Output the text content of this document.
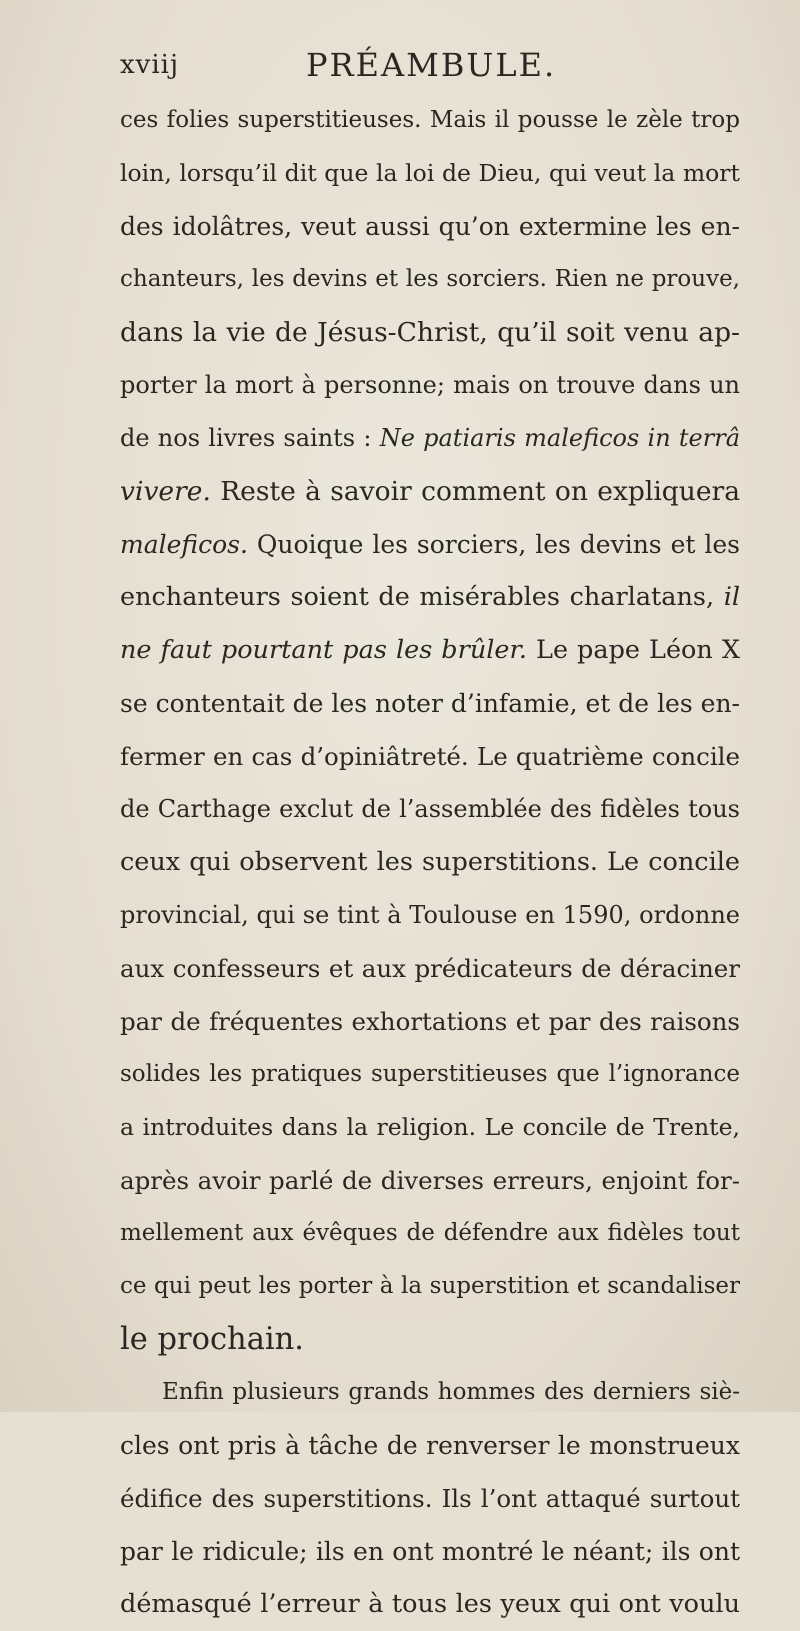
xviij	PRÉAMBULE.
ces folies superstitieuses. Mais il pousse le zèle trop
loin, lorsqu’il dit que la loi de Dieu, qui veut la mort
des idolâtres, veut aussi qu’on extermine les en-
chanteurs, les devins et les sorciers. Rien ne prouve,
dans la vie de Jésus-Christ, qu’il soit venu ap-
porter la mort à personne; mais on trouve dans un
de nos livres saints : Ne patiaris maleficos in terrâ
vivere. Reste à savoir comment on expliquera
maleficos. Quoique les sorciers, les devins et les
enchanteurs soient de misérables charlatans, il
ne faut pourtant pas les brûler. Le pape Léon X
se contentait de les noter d’infamie, et de les en-
fermer en cas d’opiniâtreté. Le quatrième concile
de Carthage exclut de l’assemblée des fidèles tous
ceux qui observent les superstitions. Le concile
provincial, qui se tint à Toulouse en 1590, ordonne
aux confesseurs et aux prédicateurs de déraciner
par de fréquentes exhortations et par des raisons
solides les pratiques superstitieuses que l’ignorance
a introduites dans la religion. Le concile de Trente,
après avoir parlé de diverses erreurs, enjoint for-
mellement aux évêques de défendre aux fidèles tout
ce qui peut les porter à la superstition et scandaliser
le prochain.
Enfin plusieurs grands hommes des derniers siè-
cles ont pris à tâche de renverser le monstrueux
édifice des superstitions. Ils l’ont attaqué surtout
par le ridicule; ils en ont montré le néant; ils ont
démasqué l’erreur à tous les yeux qui ont voulu
